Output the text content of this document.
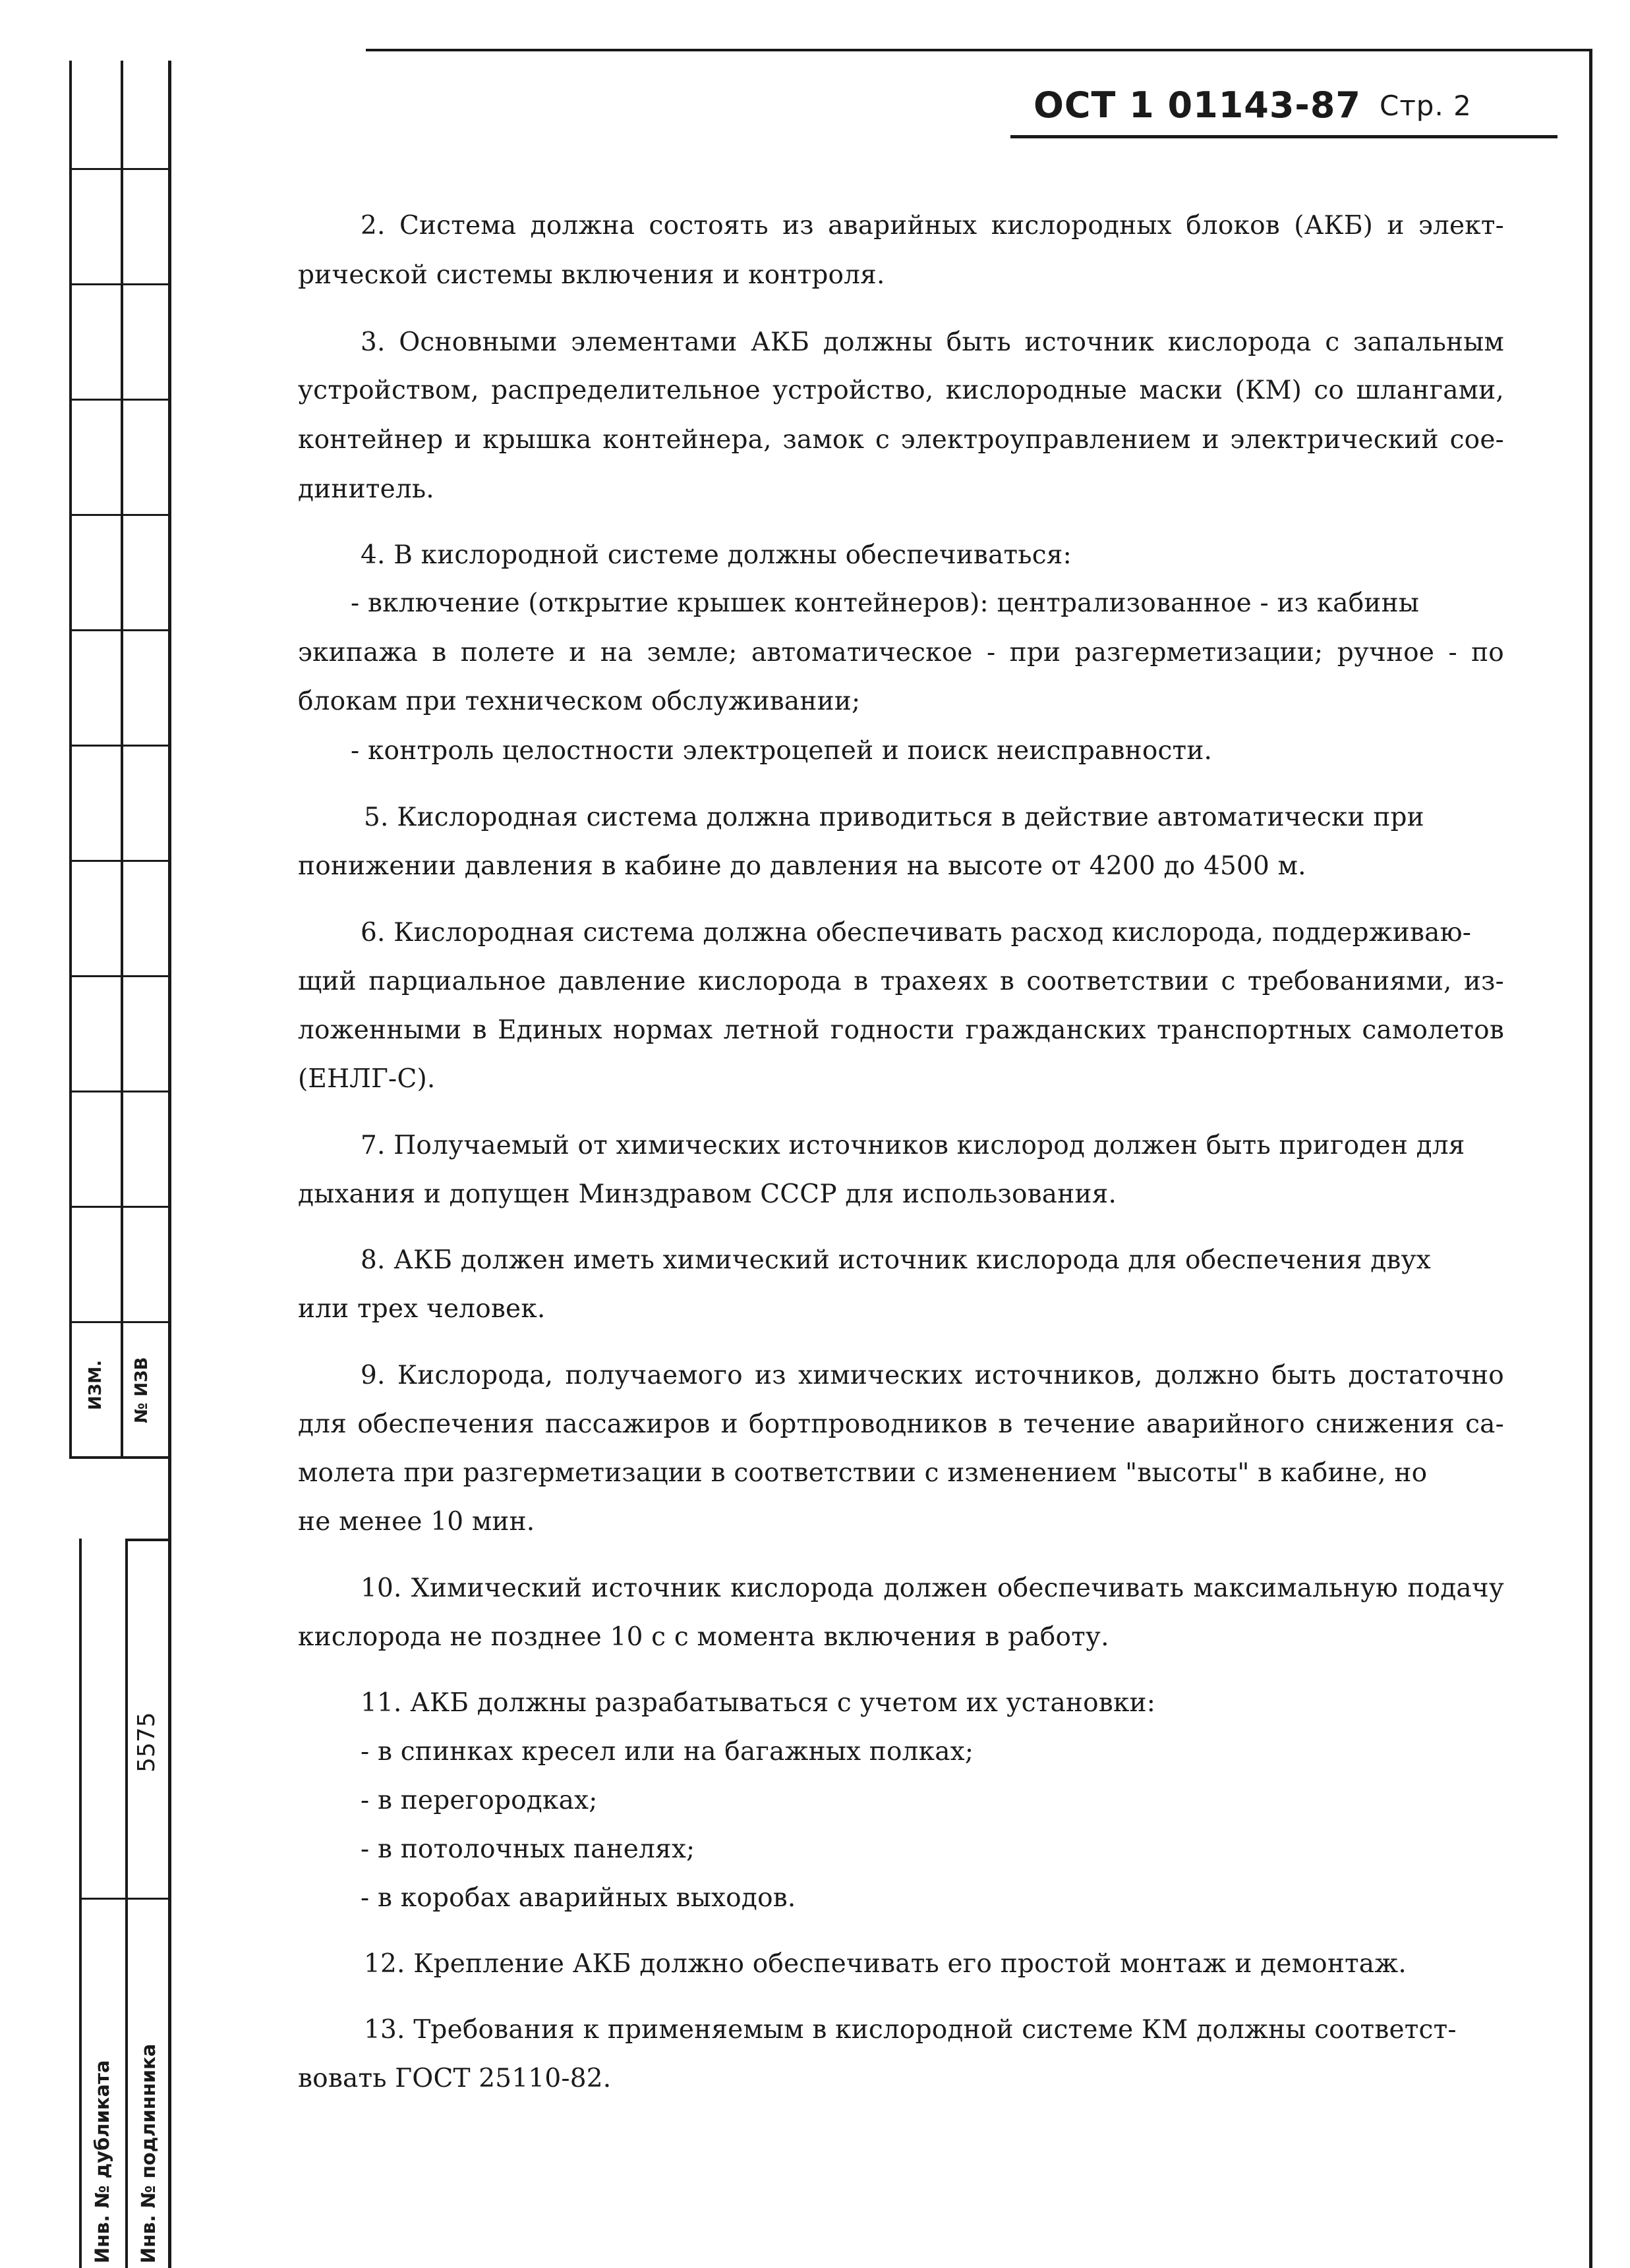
ОСТ 1 01143-87 Стр. 2
ИЗМ. № ИЗВ
5575
Инв. № дубликата Инв. № подлинника
2. Система должна состоять из аварийных кислородных блоков (АКБ) и элект-
рической системы включения и контроля.
3. Основными элементами АКБ должны быть источник кислорода с запальным
устройством, распределительное устройство, кислородные маски (КМ) со шлангами,
контейнер и крышка контейнера, замок с электроуправлением и электрический сое-
динитель.
4. В кислородной системе должны обеспечиваться:
- включение (открытие крышек контейнеров): централизованное - из кабины
экипажа в полете и на земле; автоматическое - при разгерметизации; ручное - по
блокам при техническом обслуживании;
- контроль целостности электроцепей и поиск неисправности.
5. Кислородная система должна приводиться в действие автоматически при
понижении давления в кабине до давления на высоте от 4200 до 4500 м.
6. Кислородная система должна обеспечивать расход кислорода, поддерживаю-
щий парциальное давление кислорода в трахеях в соответствии с требованиями, из-
ложенными в Единых нормах летной годности гражданских транспортных самолетов
(ЕНЛГ-С).
7. Получаемый от химических источников кислород должен быть пригоден для
дыхания и допущен Минздравом СССР для использования.
8. АКБ должен иметь химический источник кислорода для обеспечения двух
или трех человек.
9. Кислорода, получаемого из химических источников, должно быть достаточно
для обеспечения пассажиров и бортпроводников в течение аварийного снижения са-
молета при разгерметизации в соответствии с изменением "высоты" в кабине, но
не менее 10 мин.
10. Химический источник кислорода должен обеспечивать максимальную подачу
кислорода не позднее 10 с с момента включения в работу.
11. АКБ должны разрабатываться с учетом их установки:
- в спинках кресел или на багажных полках;
- в перегородках;
- в потолочных панелях;
- в коробах аварийных выходов.
12. Крепление АКБ должно обеспечивать его простой монтаж и демонтаж.
13. Требования к применяемым в кислородной системе КМ должны соответст-
вовать ГОСТ 25110-82.
